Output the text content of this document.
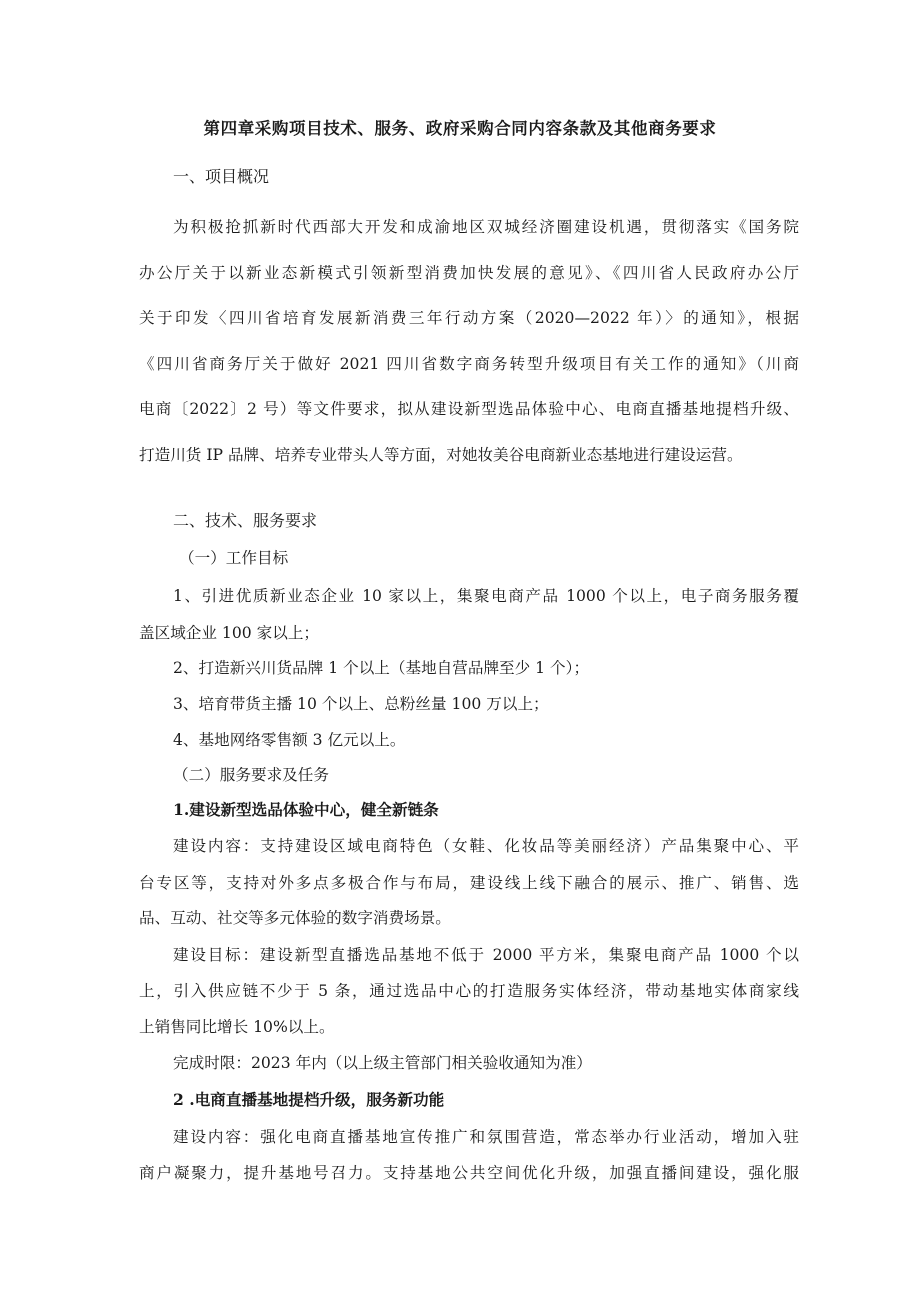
第四章采购项目技术、服务、政府采购合同内容条款及其他商务要求
一、项目概况
为积极抢抓新时代西部大开发和成渝地区双城经济圈建设机遇，贯彻落实《国务院
办公厅关于以新业态新模式引领新型消费加快发展的意见》、《四川省人民政府办公厅
关于印发〈四川省培育发展新消费三年行动方案（2020—2022 年）〉的通知》，根据
《四川省商务厅关于做好 2021 四川省数字商务转型升级项目有关工作的通知》（川商
电商〔2022〕2 号）等文件要求，拟从建设新型选品体验中心、电商直播基地提档升级、
打造川货 IP 品牌、培养专业带头人等方面，对她妆美谷电商新业态基地进行建设运营。
二、技术、服务要求
（一）工作目标
1、引进优质新业态企业 10 家以上，集聚电商产品 1000 个以上，电子商务服务覆
盖区域企业 100 家以上；
2、打造新兴川货品牌 1 个以上（基地自营品牌至少 1 个）；
3、培育带货主播 10 个以上、总粉丝量 100 万以上；
4、基地网络零售额 3 亿元以上。
（二）服务要求及任务
1.建设新型选品体验中心，健全新链条
建设内容：支持建设区域电商特色（女鞋、化妆品等美丽经济）产品集聚中心、平
台专区等，支持对外多点多极合作与布局，建设线上线下融合的展示、推广、销售、选
品、互动、社交等多元体验的数字消费场景。
建设目标：建设新型直播选品基地不低于 2000 平方米，集聚电商产品 1000 个以
上，引入供应链不少于 5 条，通过选品中心的打造服务实体经济，带动基地实体商家线
上销售同比增长 10%以上。
完成时限：2023 年内（以上级主管部门相关验收通知为准）
2 .电商直播基地提档升级，服务新功能
建设内容：强化电商直播基地宣传推广和氛围营造，常态举办行业活动，增加入驻
商户凝聚力，提升基地号召力。支持基地公共空间优化升级，加强直播间建设，强化服
